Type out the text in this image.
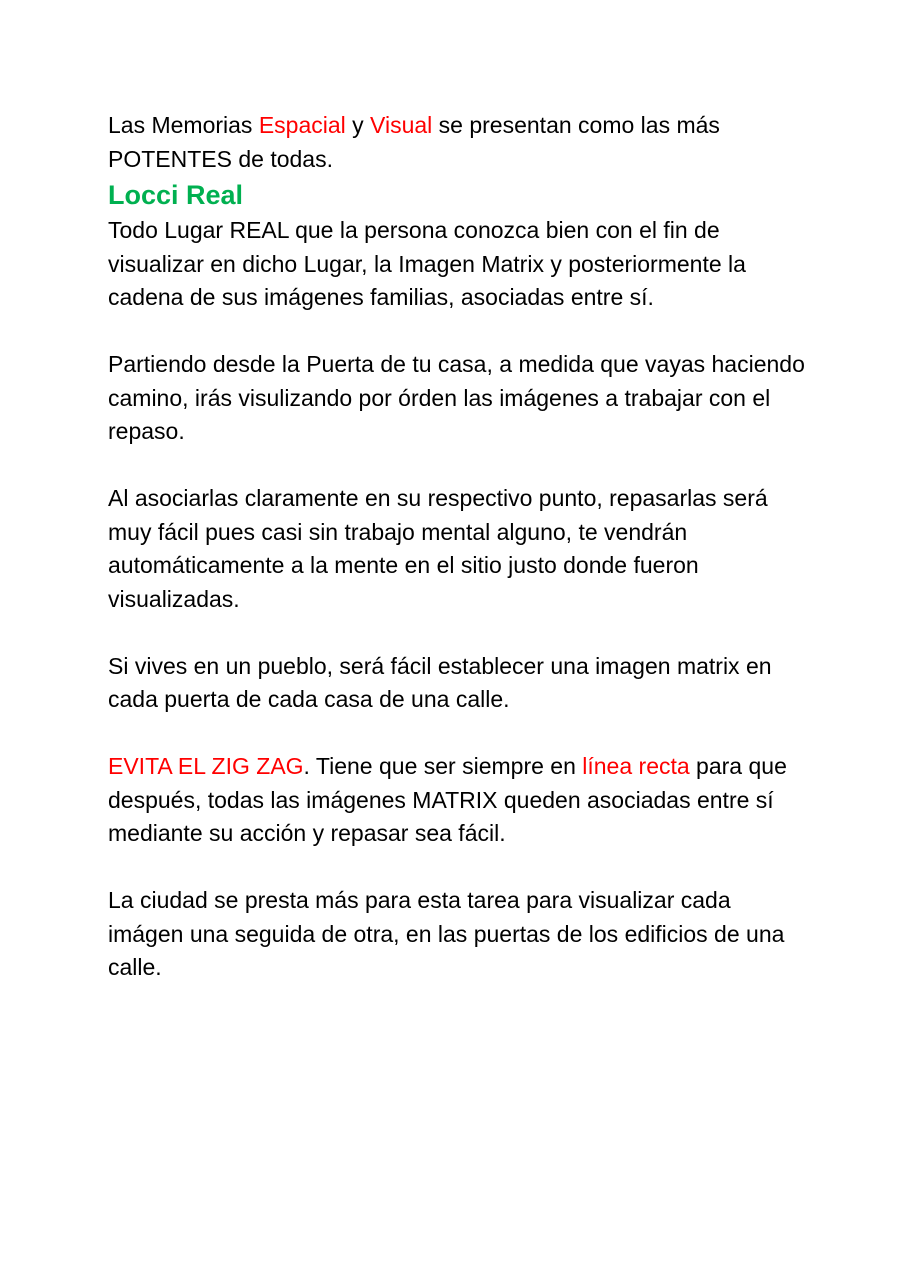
Las Memorias Espacial y Visual se presentan como las más POTENTES de todas.

Locci Real

Todo Lugar REAL que la persona conozca bien con el fin de visualizar en dicho Lugar, la Imagen Matrix y posteriormente la cadena de sus imágenes familias, asociadas entre sí.

Partiendo desde la Puerta de tu casa, a medida que vayas haciendo camino, irás visulizando por órden las imágenes a trabajar con el repaso.

Al asociarlas claramente en su respectivo punto, repasarlas será muy fácil pues casi sin trabajo mental alguno, te vendrán automáticamente a la mente en el sitio justo donde fueron visualizadas.

Si vives en un pueblo, será fácil establecer una imagen matrix en cada puerta de cada casa de una calle.

EVITA EL ZIG ZAG. Tiene que ser siempre en línea recta para que después, todas las imágenes MATRIX queden asociadas entre sí mediante su acción y repasar sea fácil.

La ciudad se presta más para esta tarea para visualizar cada imágen una seguida de otra, en las puertas de los edificios de una calle.
